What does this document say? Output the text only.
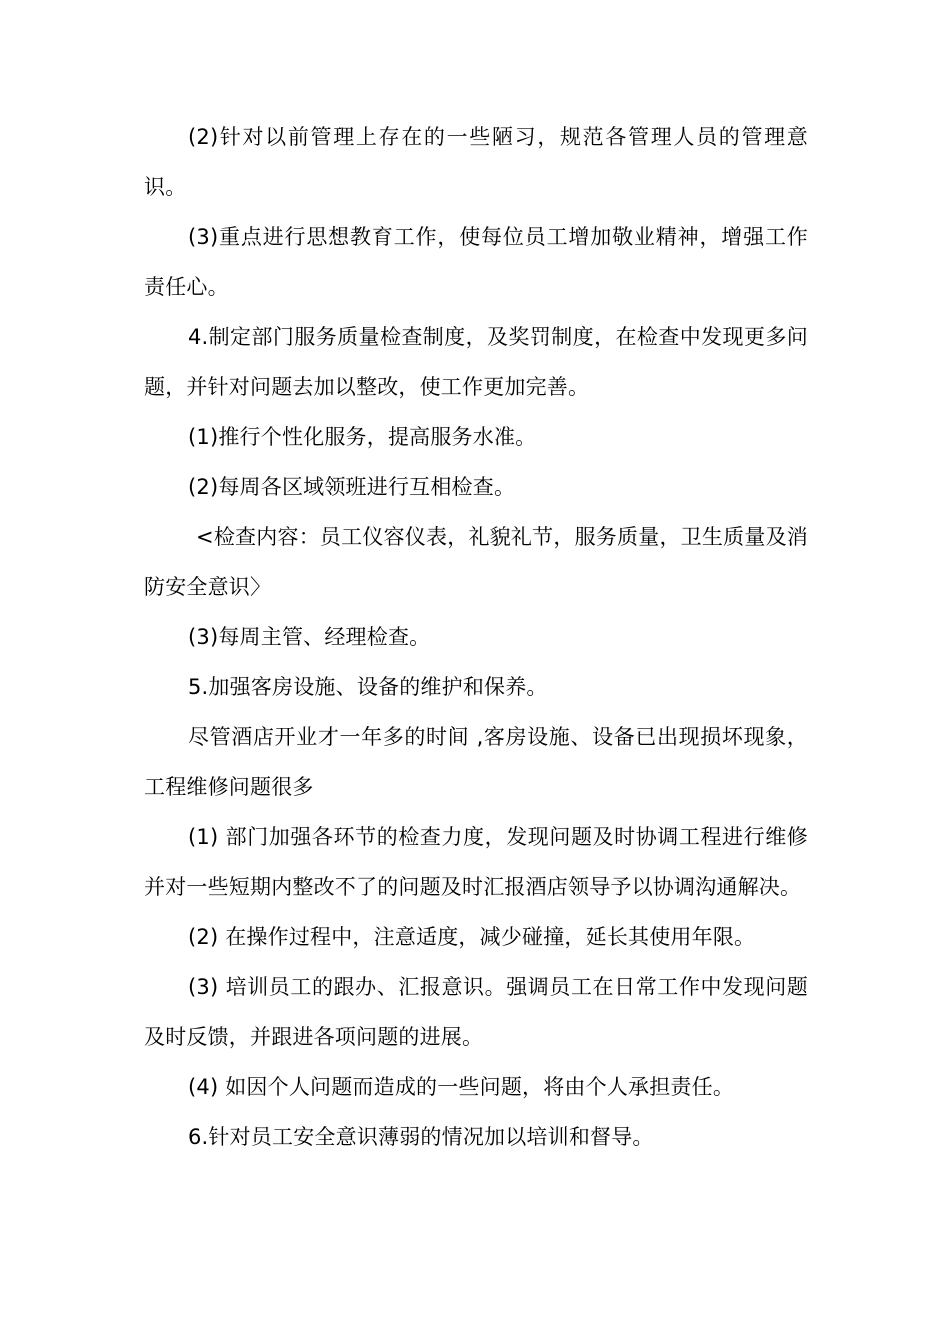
(2)针对以前管理上存在的一些陋习，规范各管理人员的管理意识。

(3)重点进行思想教育工作，使每位员工增加敬业精神，增强工作责任心。

4.制定部门服务质量检查制度，及奖罚制度，在检查中发现更多问题，并针对问题去加以整改，使工作更加完善。

(1)推行个性化服务，提高服务水准。

(2)每周各区域领班进行互相检查。

<检查内容：员工仪容仪表，礼貌礼节，服务质量，卫生质量及消防安全意识〉

(3)每周主管、经理检查。

5.加强客房设施、设备的维护和保养。

尽管酒店开业才一年多的时间 ,客房设施、设备已出现损坏现象，工程维修问题很多

(1) 部门加强各环节的检查力度，发现问题及时协调工程进行维修并对一些短期内整改不了的问题及时汇报酒店领导予以协调沟通解决。

(2) 在操作过程中，注意适度，减少碰撞，延长其使用年限。

(3) 培训员工的跟办、汇报意识。强调员工在日常工作中发现问题及时反馈，并跟进各项问题的进展。

(4) 如因个人问题而造成的一些问题，将由个人承担责任。

6.针对员工安全意识薄弱的情况加以培训和督导。
